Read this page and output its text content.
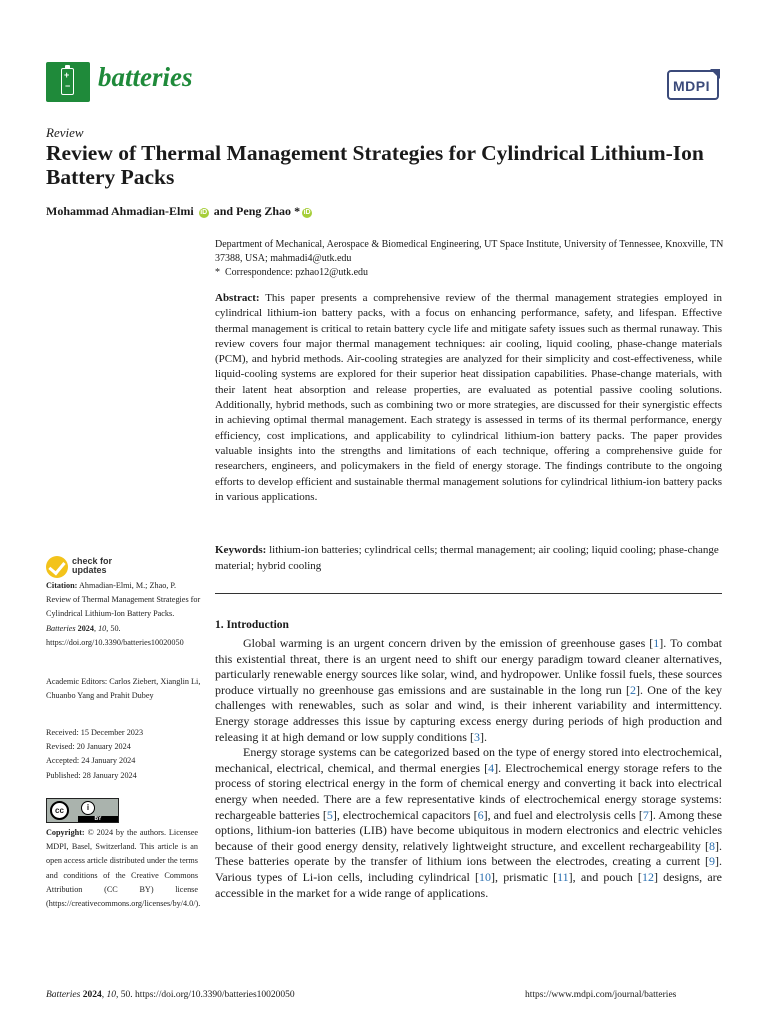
+
− batteries	MDPI
Review
Review of Thermal Management Strategies for Cylindrical Lithium-Ion Battery Packs
Mohammad Ahmadian-Elmi iD and Peng Zhao * iD
Department of Mechanical, Aerospace & Biomedical Engineering, UT Space Institute, University of Tennessee, Knoxville, TN 37388, USA; mahmadi4@utk.edu
* Correspondence: pzhao12@utk.edu
Abstract: This paper presents a comprehensive review of the thermal management strategies employed in cylindrical lithium-ion battery packs, with a focus on enhancing performance, safety, and lifespan. Effective thermal management is critical to retain battery cycle life and mitigate safety issues such as thermal runaway. This review covers four major thermal management techniques: air cooling, liquid cooling, phase-change materials (PCM), and hybrid methods. Air-cooling strategies are analyzed for their simplicity and cost-effectiveness, while liquid-cooling systems are explored for their superior heat dissipation capabilities. Phase-change materials, with their latent heat absorption and release properties, are evaluated as potential passive cooling solutions. Additionally, hybrid methods, such as combining two or more strategies, are discussed for their synergistic effects in achieving optimal thermal management. Each strategy is assessed in terms of its thermal performance, energy efficiency, cost implications, and applicability to cylindrical lithium-ion battery packs. The paper provides valuable insights into the strengths and limitations of each technique, offering a comprehensive guide for researchers, engineers, and policymakers in the field of energy storage. The findings contribute to the ongoing efforts to develop efficient and sustainable thermal management solutions for cylindrical lithium-ion battery packs in various applications.
Keywords: lithium-ion batteries; cylindrical cells; thermal management; air cooling; liquid cooling; phase-change material; hybrid cooling
check for
updates
Citation: Ahmadian-Elmi, M.; Zhao, P. Review of Thermal Management Strategies for Cylindrical Lithium-Ion Battery Packs. Batteries 2024, 10, 50. https://doi.org/10.3390/batteries10020050
Academic Editors: Carlos Ziebert, Xianglin Li, Chuanbo Yang and Prahit Dubey
Received: 15 December 2023
Revised: 20 January 2024
Accepted: 24 January 2024
Published: 28 January 2024
cc	i
BY
Copyright: © 2024 by the authors. Licensee MDPI, Basel, Switzerland. This article is an open access article distributed under the terms and conditions of the Creative Commons Attribution (CC BY) license (https://creativecommons.org/licenses/by/4.0/).
1. Introduction

Global warming is an urgent concern driven by the emission of greenhouse gases [1]. To combat this existential threat, there is an urgent need to shift our energy paradigm toward cleaner alternatives, particularly renewable energy sources like solar, wind, and hydropower. Unlike fossil fuels, these sources produce virtually no greenhouse gas emissions and are sustainable in the long run [2]. One of the key challenges with renewables, such as solar and wind, is their inherent variability and intermittency. Energy storage addresses this issue by capturing excess energy during periods of high production and releasing it at high demand or low supply conditions [3].

Energy storage systems can be categorized based on the type of energy stored into electrochemical, mechanical, electrical, chemical, and thermal energies [4]. Electrochemical energy storage refers to the process of storing electrical energy in the form of chemical energy and converting it back into electrical energy when needed. There are a few representative kinds of electrochemical energy storage systems: rechargeable batteries [5], electrochemical capacitors [6], and fuel and electrolysis cells [7]. Among these options, lithium-ion batteries (LIB) have become ubiquitous in modern electronics and electric vehicles because of their good energy density, relatively lightweight structure, and excellent rechargeability [8]. These batteries operate by the transfer of lithium ions between the electrodes, creating a current [9]. Various types of Li-ion cells, including cylindrical [10], prismatic [11], and pouch [12] designs, are accessible in the market for a wide range of applications.

Batteries 2024, 10, 50. https://doi.org/10.3390/batteries10020050	https://www.mdpi.com/journal/batteries
